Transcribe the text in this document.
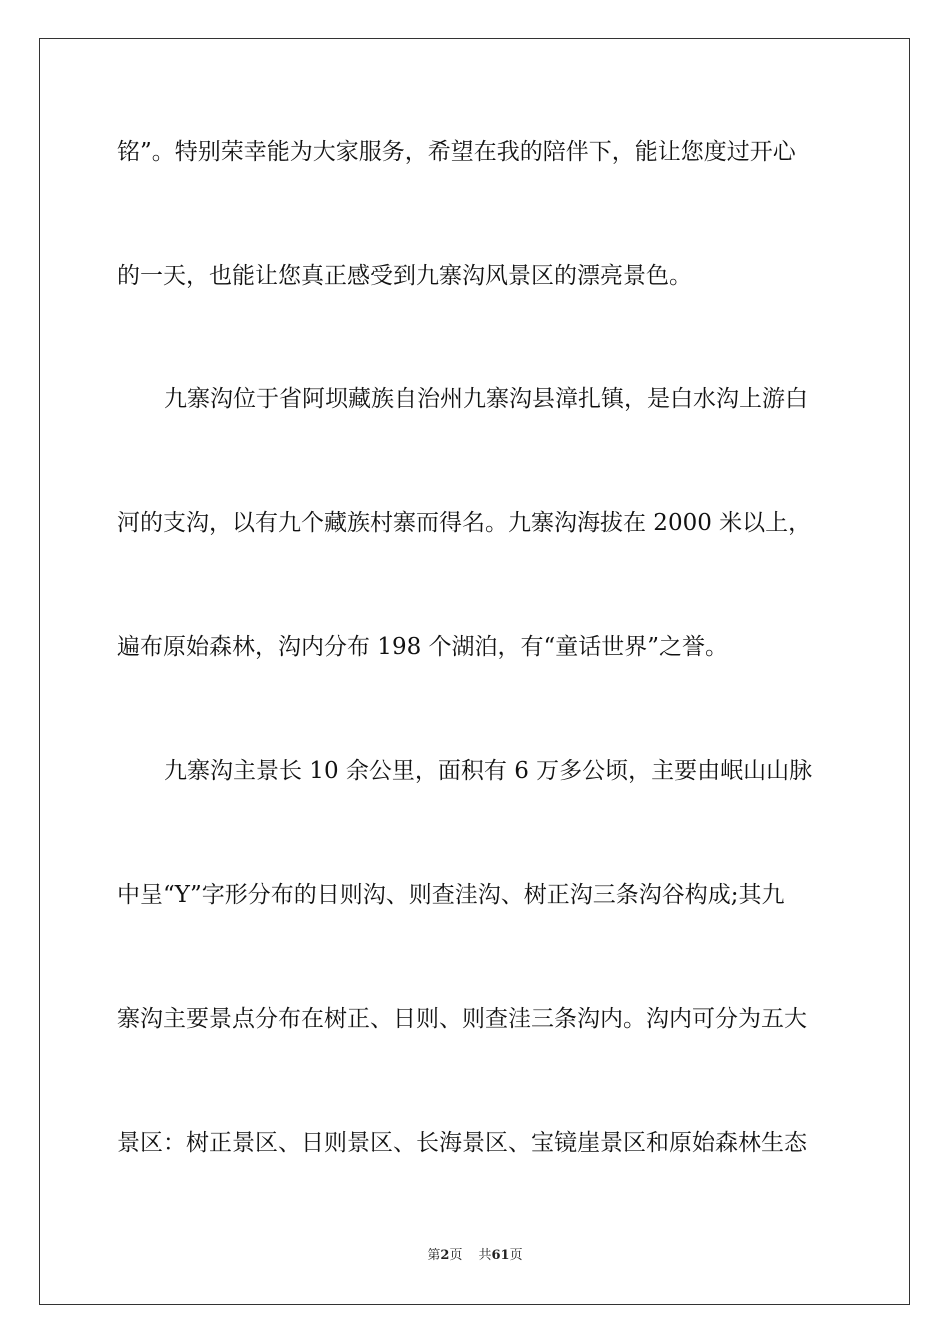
铭”。特别荣幸能为大家服务，希望在我的陪伴下，能让您度过开心
的一天，也能让您真正感受到九寨沟风景区的漂亮景色。
九寨沟位于省阿坝藏族自治州九寨沟县漳扎镇，是白水沟上游白
河的支沟，以有九个藏族村寨而得名。九寨沟海拔在 2000 米以上，
遍布原始森林，沟内分布 198 个湖泊，有“童话世界”之誉。
九寨沟主景长 10 余公里，面积有 6 万多公顷，主要由岷山山脉
中呈“Y”字形分布的日则沟、则查洼沟、树正沟三条沟谷构成;其九
寨沟主要景点分布在树正、日则、则查洼三条沟内。沟内可分为五大
景区：树正景区、日则景区、长海景区、宝镜崖景区和原始森林生态
第2页 共61页
